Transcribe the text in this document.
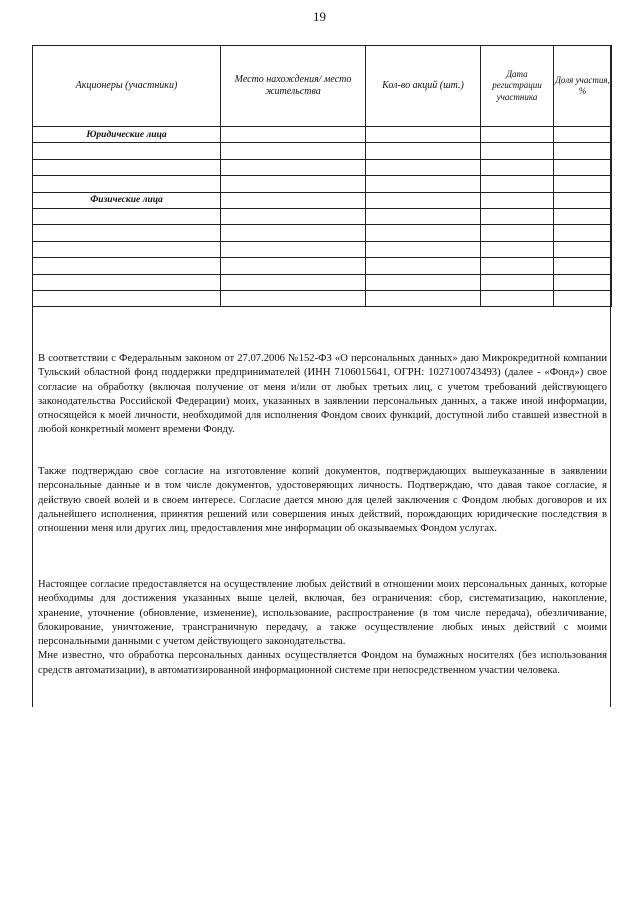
19
Акционеры (участники)	Место нахождения/ место жительства	Кол-во акций (шт.)	Дата регистрации участника	Доля участия, %
Юридические лица				

Физические лица				

В соответствии с Федеральным законом от 27.07.2006 №152-ФЗ «О персональных данных» даю Микрокредитной компании Тульский областной фонд поддержки предпринимателей (ИНН 7106015641, ОГРН: 1027100743493) (далее - «Фонд») свое согласие на обработку (включая получение от меня и/или от любых третьих лиц, с учетом требований действующего законодательства Российской Федерации) моих, указанных в заявлении персональных данных, а также иной информации, относящейся к моей личности, необходимой для исполнения Фондом своих функций, доступной либо ставшей известной в любой конкретный момент времени Фонду.

Также подтверждаю свое согласие на изготовление копий документов, подтверждающих вышеуказанные в заявлении персональные данные и в том числе документов, удостоверяющих личность. Подтверждаю, что давая такое согласие, я действую своей волей и в своем интересе. Согласие дается мною для целей заключения с Фондом любых договоров и их дальнейшего исполнения, принятия решений или совершения иных действий, порождающих юридические последствия в отношении меня или других лиц, предоставления мне информации об оказываемых Фондом услугах.

Настоящее согласие предоставляется на осуществление любых действий в отношении моих персональных данных, которые необходимы для достижения указанных выше целей, включая, без ограничения: сбор, систематизацию, накопление, хранение, уточнение (обновление, изменение), использование, распространение (в том числе передача), обезличивание, блокирование, уничтожение, трансграничную передачу, а также осуществление любых иных действий с моими персональными данными с учетом действующего законодательства.

Мне известно, что обработка персональных данных осуществляется Фондом на бумажных носителях (без использования средств автоматизации), в автоматизированной информационной системе при непосредственном участии человека.
